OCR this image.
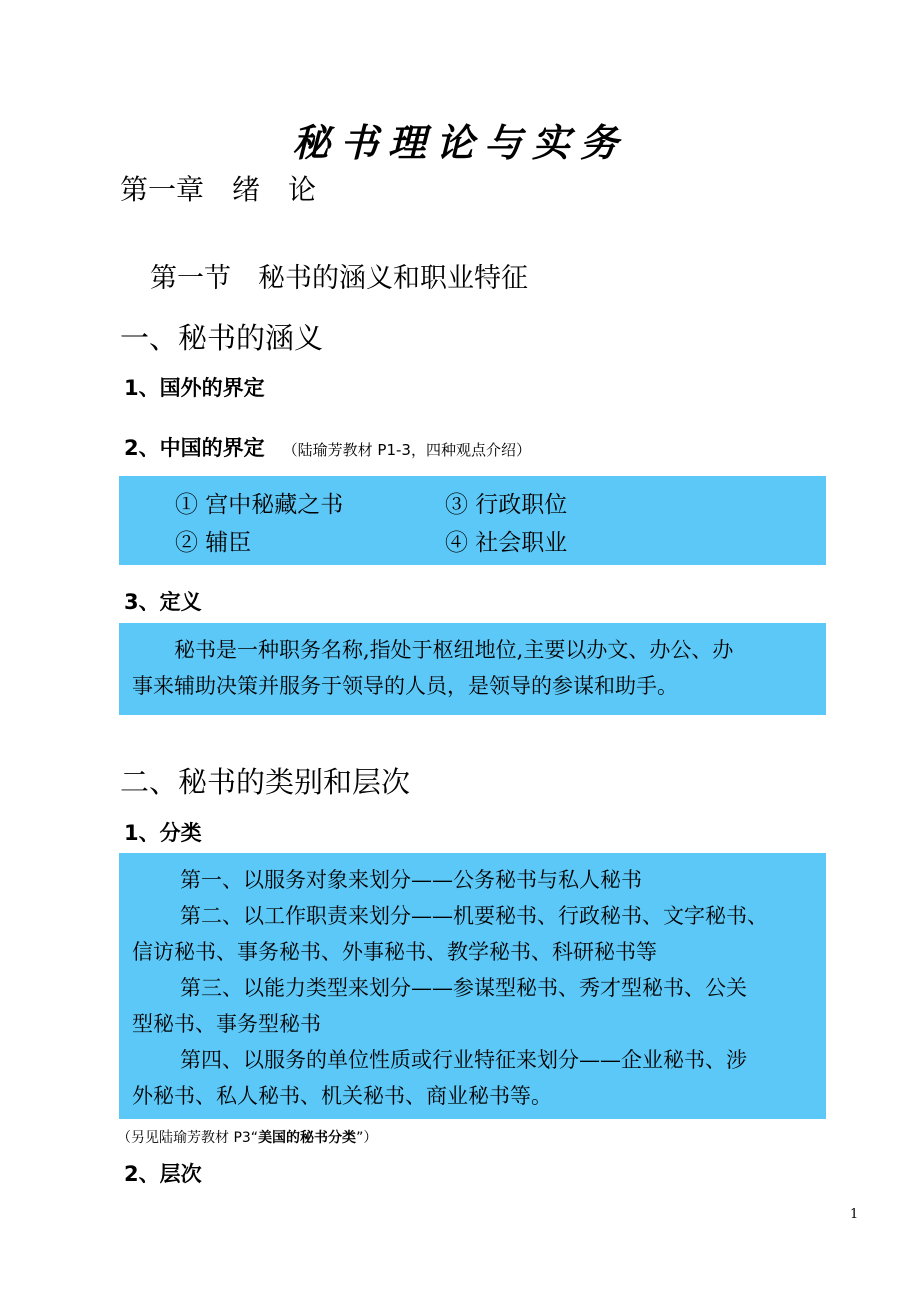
秘书理论与实务
第一章　绪　论
第一节　秘书的涵义和职业特征
一、秘书的涵义
1、国外的界定
2、中国的界定 （陆瑜芳教材 P1-3，四种观点介绍）
① 宫中秘藏之书	③ 行政职位
② 辅臣	④ 社会职业
3、定义
秘书是一种职务名称,指处于枢纽地位,主要以办文、办公、办
事来辅助决策并服务于领导的人员，是领导的参谋和助手。
二、秘书的类别和层次
1、分类
第一、以服务对象来划分——公务秘书与私人秘书
第二、以工作职责来划分——机要秘书、行政秘书、文字秘书、
信访秘书、事务秘书、外事秘书、教学秘书、科研秘书等
第三、以能力类型来划分——参谋型秘书、秀才型秘书、公关
型秘书、事务型秘书
第四、以服务的单位性质或行业特征来划分——企业秘书、涉
外秘书、私人秘书、机关秘书、商业秘书等。
（另见陆瑜芳教材 P3“美国的秘书分类”）
2、层次
1
